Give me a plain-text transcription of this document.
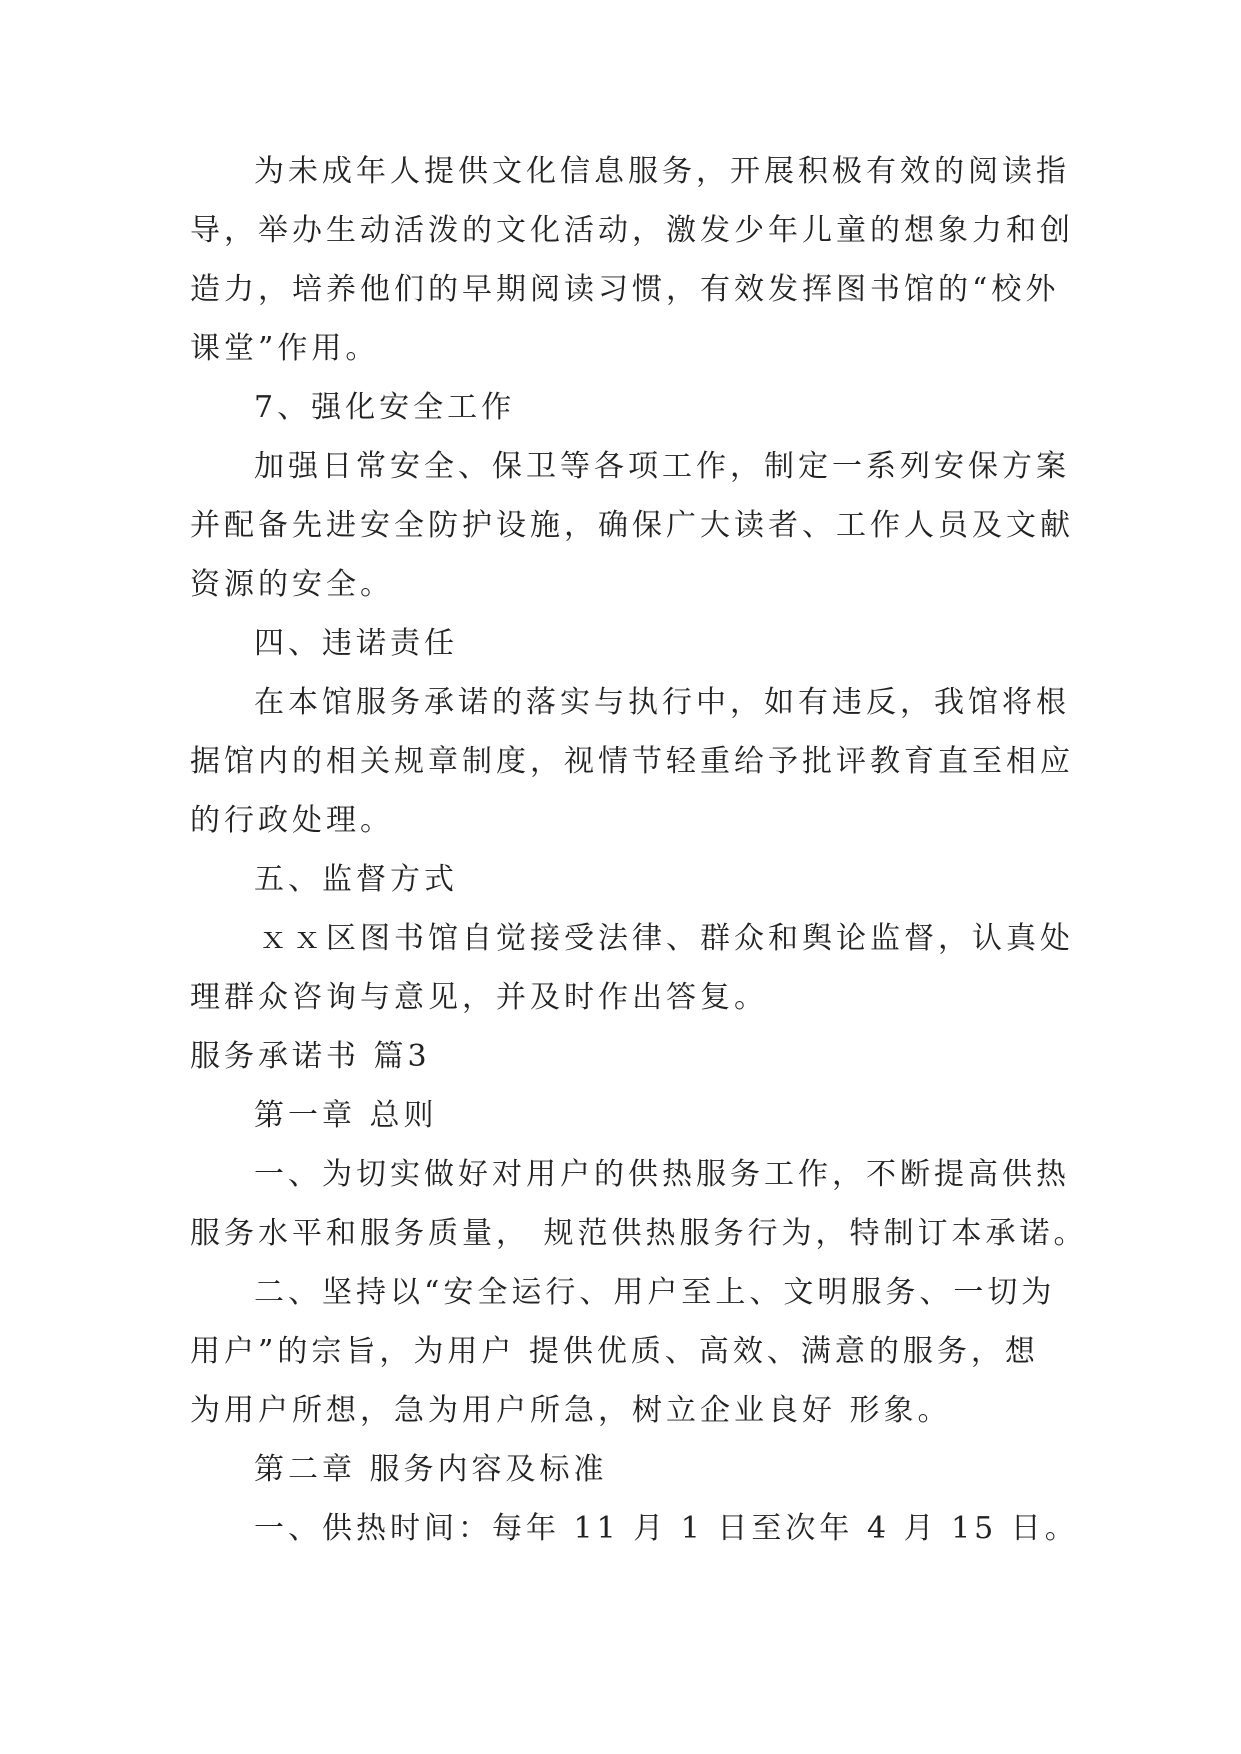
为未成年人提供文化信息服务，开展积极有效的阅读指
导，举办生动活泼的文化活动，激发少年儿童的想象力和创
造力，培养他们的早期阅读习惯，有效发挥图书馆的“校外
课堂”作用。
7、强化安全工作
加强日常安全、保卫等各项工作，制定一系列安保方案
并配备先进安全防护设施，确保广大读者、工作人员及文献
资源的安全。
四、违诺责任
在本馆服务承诺的落实与执行中，如有违反，我馆将根
据馆内的相关规章制度，视情节轻重给予批评教育直至相应
的行政处理。
五、监督方式
ｘｘ区图书馆自觉接受法律、群众和舆论监督，认真处
理群众咨询与意见，并及时作出答复。
服务承诺书 篇3
第一章 总则
一、为切实做好对用户的供热服务工作，不断提高供热
服务水平和服务质量， 规范供热服务行为，特制订本承诺。
二、坚持以“安全运行、用户至上、文明服务、一切为
用户”的宗旨，为用户 提供优质、高效、满意的服务，想
为用户所想，急为用户所急，树立企业良好 形象。
第二章 服务内容及标准
一、供热时间：每年 11 月 1 日至次年 4 月 15 日。
